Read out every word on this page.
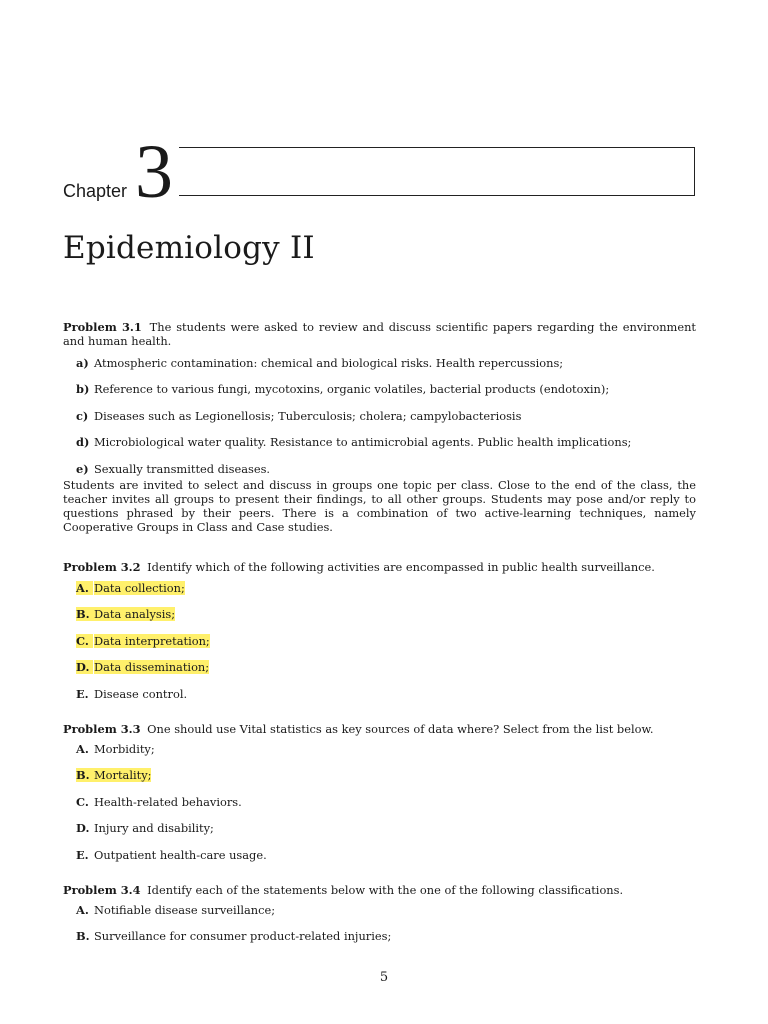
Chapter 3
Epidemiology II

Problem 3.1 The students were asked to review and discuss scientific papers regarding the environment and human health.

a) Atmospheric contamination: chemical and biological risks. Health repercussions;
b) Reference to various fungi, mycotoxins, organic volatiles, bacterial products (endotoxin);
c) Diseases such as Legionellosis; Tuberculosis; cholera; campylobacteriosis
d) Microbiological water quality. Resistance to antimicrobial agents. Public health implications;
e) Sexually transmitted diseases.

Students are invited to select and discuss in groups one topic per class. Close to the end of the class, the teacher invites all groups to present their findings, to all other groups. Students may pose and/or reply to questions phrased by their peers. There is a combination of two active-learning techniques, namely Cooperative Groups in Class and Case studies.

Problem 3.2 Identify which of the following activities are encompassed in public health surveillance.

A. Data collection;
B. Data analysis;
C. Data interpretation;
D. Data dissemination;
E. Disease control.

Problem 3.3 One should use Vital statistics as key sources of data where? Select from the list below.

A. Morbidity;
B. Mortality;
C. Health-related behaviors.
D. Injury and disability;
E. Outpatient health-care usage.

Problem 3.4 Identify each of the statements below with the one of the following classifications.

A. Notifiable disease surveillance;
B. Surveillance for consumer product-related injuries;
5
